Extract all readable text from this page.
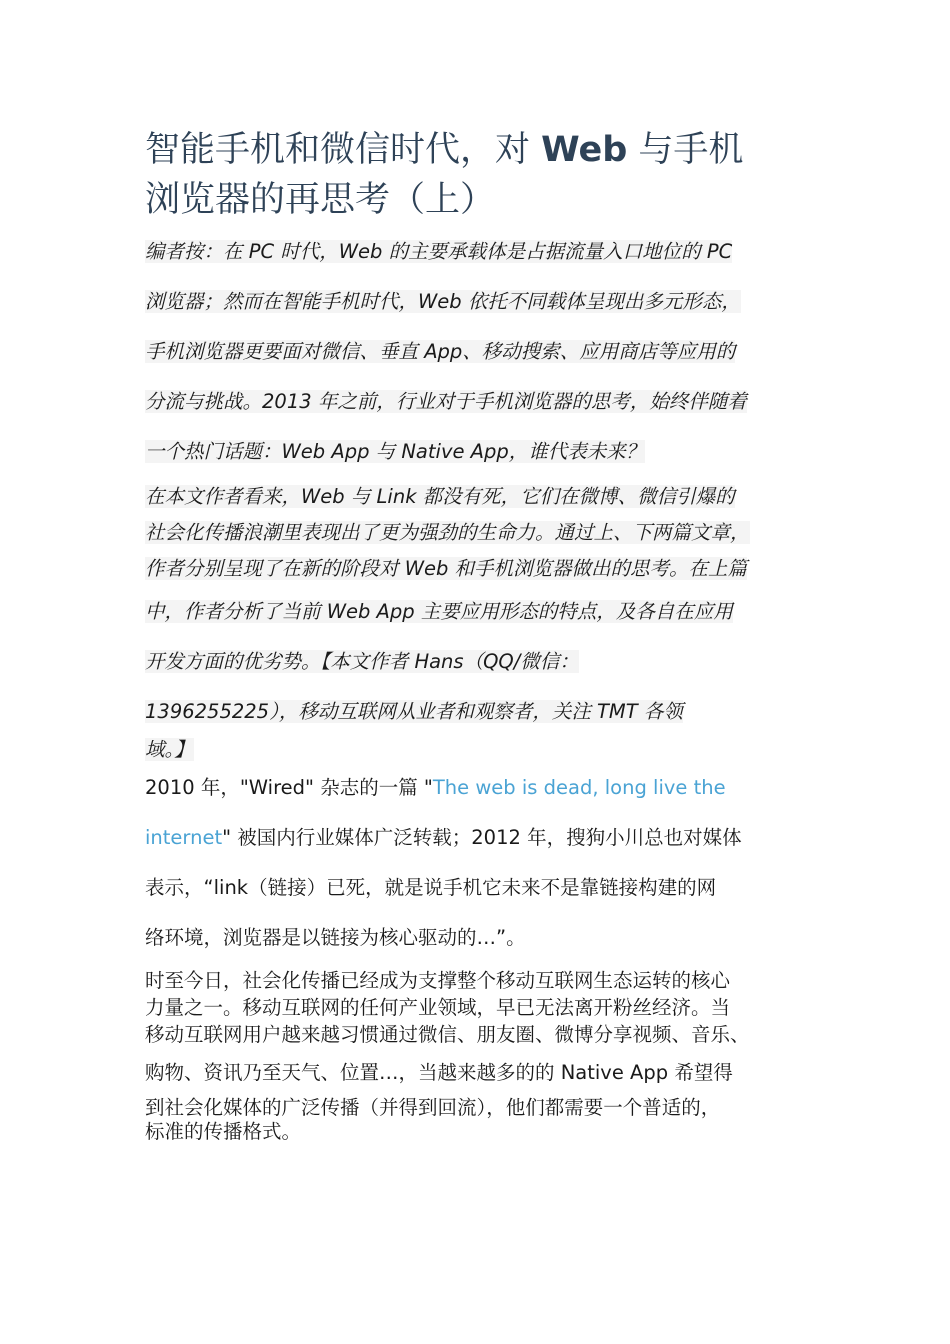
智能手机和微信时代，对 Web 与手机
浏览器的再思考（上）

编者按：在 PC 时代，Web 的主要承载体是占据流量入口地位的 PC
浏览器；然而在智能手机时代，Web 依托不同载体呈现出多元形态，
手机浏览器更要面对微信、垂直 App、移动搜索、应用商店等应用的
分流与挑战。2013 年之前，行业对于手机浏览器的思考，始终伴随着
一个热门话题：Web App 与 Native App，谁代表未来？

在本文作者看来，Web 与 Link 都没有死，它们在微博、微信引爆的
社会化传播浪潮里表现出了更为强劲的生命力。通过上、下两篇文章，
作者分别呈现了在新的阶段对 Web 和手机浏览器做出的思考。在上篇
中，作者分析了当前 Web App 主要应用形态的特点，及各自在应用
开发方面的优劣势。【本文作者 Hans（QQ/微信：
1396255225），移动互联网从业者和观察者，关注 TMT 各领
域。】

2010 年，"Wired" 杂志的一篇 "The web is dead, long live the
internet" 被国内行业媒体广泛转载；2012 年，搜狗小川总也对媒体
表示，“link（链接）已死，就是说手机它未来不是靠链接构建的网
络环境，浏览器是以链接为核心驱动的…”。

时至今日，社会化传播已经成为支撑整个移动互联网生态运转的核心
力量之一。移动互联网的任何产业领域，早已无法离开粉丝经济。当
移动互联网用户越来越习惯通过微信、朋友圈、微博分享视频、音乐、
购物、资讯乃至天气、位置…，当越来越多的的 Native App 希望得
到社会化媒体的广泛传播（并得到回流），他们都需要一个普适的，
标准的传播格式。
